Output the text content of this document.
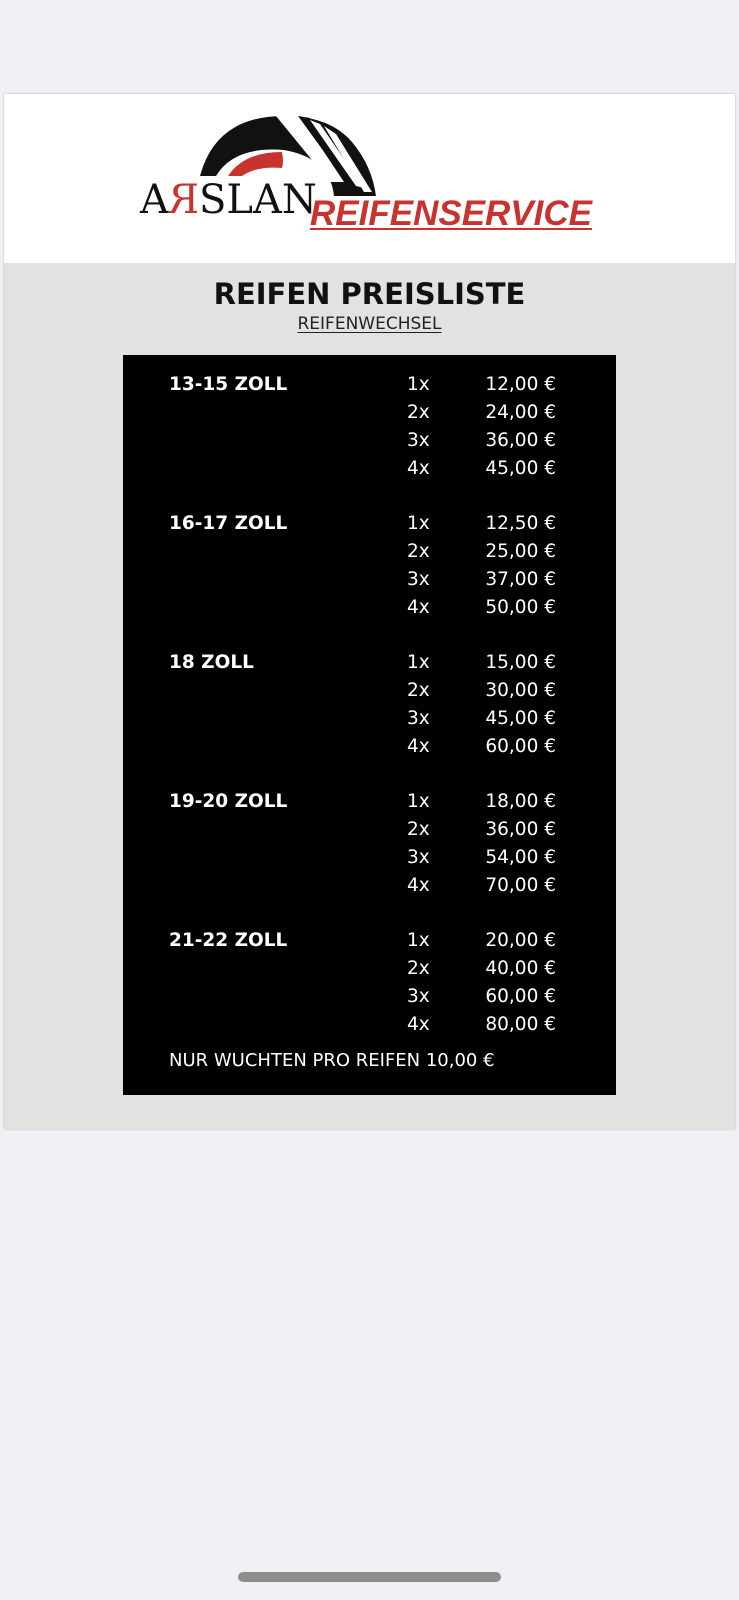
ARSLAN
REIFENSERVICE
REIFEN PREISLISTE
REIFENWECHSEL
13-15 ZOLL	1x	12,00 €
2x	24,00 €
3x	36,00 €
4x	45,00 €
16-17 ZOLL	1x	12,50 €
2x	25,00 €
3x	37,00 €
4x	50,00 €
18 ZOLL	1x	15,00 €
2x	30,00 €
3x	45,00 €
4x	60,00 €
19-20 ZOLL	1x	18,00 €
2x	36,00 €
3x	54,00 €
4x	70,00 €
21-22 ZOLL	1x	20,00 €
2x	40,00 €
3x	60,00 €
4x	80,00 €
NUR WUCHTEN PRO REIFEN 10,00 €
